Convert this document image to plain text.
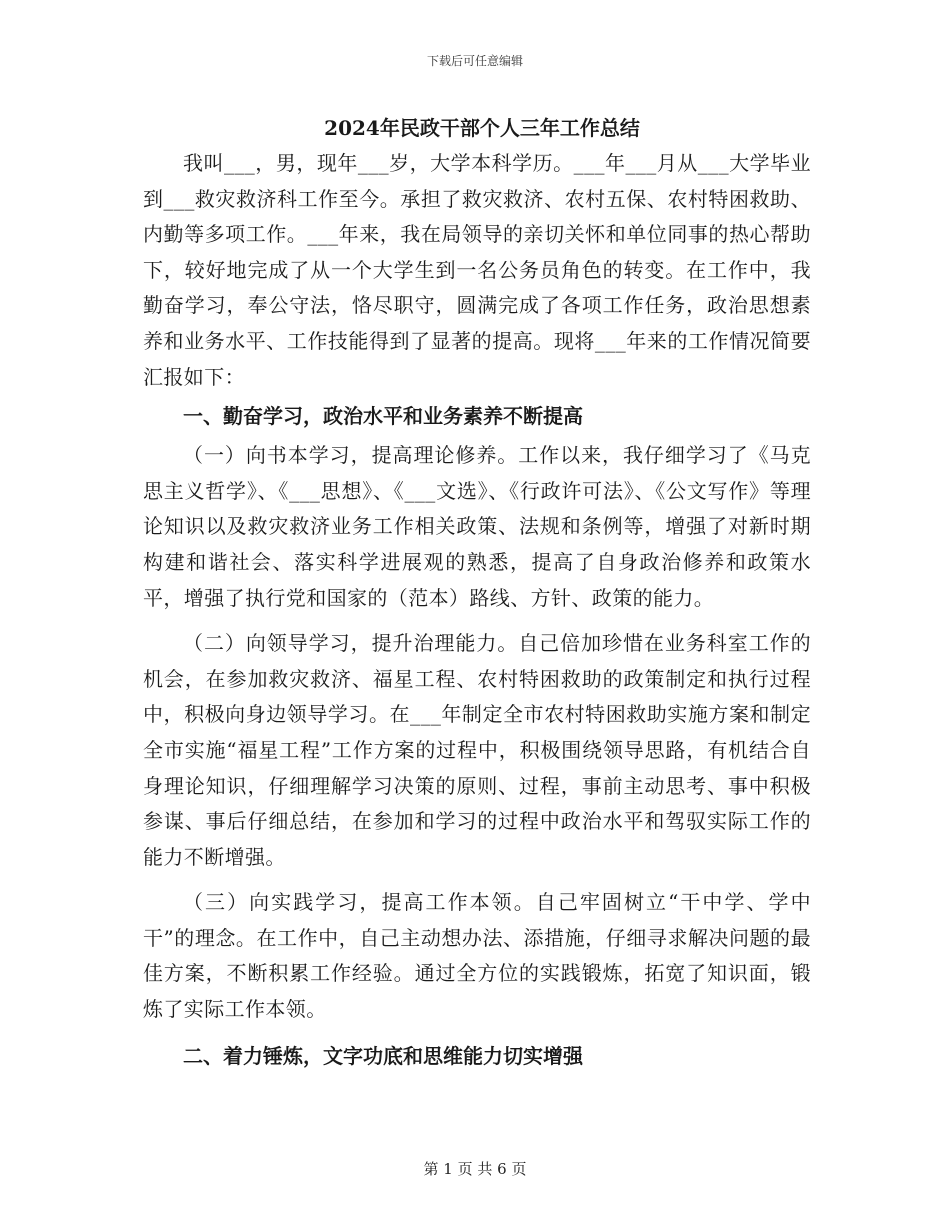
下载后可任意编辑
2024年民政干部个人三年工作总结

我叫___，男，现年___岁，大学本科学历。___年___月从___大学毕业到___救灾救济科工作至今。承担了救灾救济、农村五保、农村特困救助、内勤等多项工作。___年来，我在局领导的亲切关怀和单位同事的热心帮助下，较好地完成了从一个大学生到一名公务员角色的转变。在工作中，我勤奋学习，奉公守法，恪尽职守，圆满完成了各项工作任务，政治思想素养和业务水平、工作技能得到了显著的提高。现将___年来的工作情况简要汇报如下：

一、勤奋学习，政治水平和业务素养不断提高

（一）向书本学习，提高理论修养。工作以来，我仔细学习了《马克思主义哲学》、《___思想》、《___文选》、《行政许可法》、《公文写作》等理论知识以及救灾救济业务工作相关政策、法规和条例等，增强了对新时期构建和谐社会、落实科学进展观的熟悉，提高了自身政治修养和政策水平，增强了执行党和国家的（范本）路线、方针、政策的能力。

（二）向领导学习，提升治理能力。自己倍加珍惜在业务科室工作的机会，在参加救灾救济、福星工程、农村特困救助的政策制定和执行过程中，积极向身边领导学习。在___年制定全市农村特困救助实施方案和制定全市实施“福星工程”工作方案的过程中，积极围绕领导思路，有机结合自身理论知识，仔细理解学习决策的原则、过程，事前主动思考、事中积极参谋、事后仔细总结，在参加和学习的过程中政治水平和驾驭实际工作的能力不断增强。

（三）向实践学习，提高工作本领。自己牢固树立“干中学、学中干”的理念。在工作中，自己主动想办法、添措施，仔细寻求解决问题的最佳方案，不断积累工作经验。通过全方位的实践锻炼，拓宽了知识面，锻炼了实际工作本领。

二、着力锤炼，文字功底和思维能力切实增强

第 1 页 共 6 页
